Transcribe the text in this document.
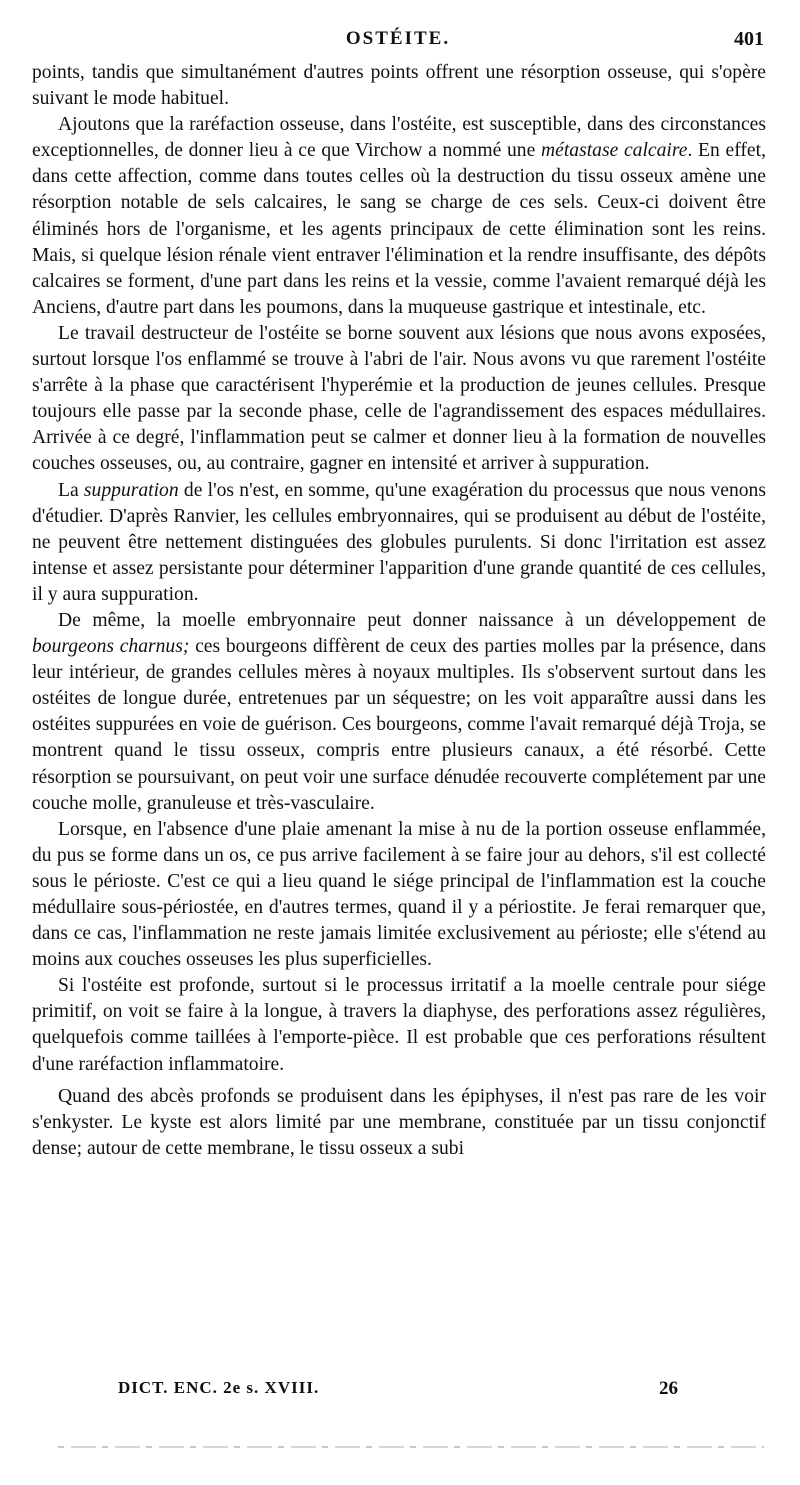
OSTÉITE.	401

points, tandis que simultanément d'autres points offrent une résorption osseuse, qui s'opère suivant le mode habituel.

Ajoutons que la raréfaction osseuse, dans l'ostéite, est susceptible, dans des circonstances exceptionnelles, de donner lieu à ce que Virchow a nommé une métastase calcaire. En effet, dans cette affection, comme dans toutes celles où la destruction du tissu osseux amène une résorption notable de sels calcaires, le sang se charge de ces sels. Ceux-ci doivent être éliminés hors de l'organisme, et les agents principaux de cette élimination sont les reins. Mais, si quelque lésion rénale vient entraver l'élimination et la rendre insuffisante, des dépôts calcaires se forment, d'une part dans les reins et la vessie, comme l'avaient remarqué déjà les Anciens, d'autre part dans les poumons, dans la muqueuse gastrique et intestinale, etc.

Le travail destructeur de l'ostéite se borne souvent aux lésions que nous avons exposées, surtout lorsque l'os enflammé se trouve à l'abri de l'air. Nous avons vu que rarement l'ostéite s'arrête à la phase que caractérisent l'hyperémie et la production de jeunes cellules. Presque toujours elle passe par la seconde phase, celle de l'agrandissement des espaces médullaires. Arrivée à ce degré, l'inflammation peut se calmer et donner lieu à la formation de nouvelles couches osseuses, ou, au contraire, gagner en intensité et arriver à suppuration.

La suppuration de l'os n'est, en somme, qu'une exagération du processus que nous venons d'étudier. D'après Ranvier, les cellules embryonnaires, qui se produisent au début de l'ostéite, ne peuvent être nettement distinguées des globules purulents. Si donc l'irritation est assez intense et assez persistante pour déterminer l'apparition d'une grande quantité de ces cellules, il y aura suppuration.

De même, la moelle embryonnaire peut donner naissance à un développement de bourgeons charnus; ces bourgeons diffèrent de ceux des parties molles par la présence, dans leur intérieur, de grandes cellules mères à noyaux multiples. Ils s'observent surtout dans les ostéites de longue durée, entretenues par un séquestre; on les voit apparaître aussi dans les ostéites suppurées en voie de guérison. Ces bourgeons, comme l'avait remarqué déjà Troja, se montrent quand le tissu osseux, compris entre plusieurs canaux, a été résorbé. Cette résorption se poursuivant, on peut voir une surface dénudée recouverte complétement par une couche molle, granuleuse et très-vasculaire.

Lorsque, en l'absence d'une plaie amenant la mise à nu de la portion osseuse enflammée, du pus se forme dans un os, ce pus arrive facilement à se faire jour au dehors, s'il est collecté sous le périoste. C'est ce qui a lieu quand le siége principal de l'inflammation est la couche médullaire sous-périostée, en d'autres termes, quand il y a périostite. Je ferai remarquer que, dans ce cas, l'inflammation ne reste jamais limitée exclusivement au périoste; elle s'étend au moins aux couches osseuses les plus superficielles.

Si l'ostéite est profonde, surtout si le processus irritatif a la moelle centrale pour siége primitif, on voit se faire à la longue, à travers la diaphyse, des perforations assez régulières, quelquefois comme taillées à l'emporte-pièce. Il est probable que ces perforations résultent d'une raréfaction inflammatoire.

Quand des abcès profonds se produisent dans les épiphyses, il n'est pas rare de les voir s'enkyster. Le kyste est alors limité par une membrane, constituée par un tissu conjonctif dense; autour de cette membrane, le tissu osseux a subi

DICT. ENC. 2e s. XVIII.	26
